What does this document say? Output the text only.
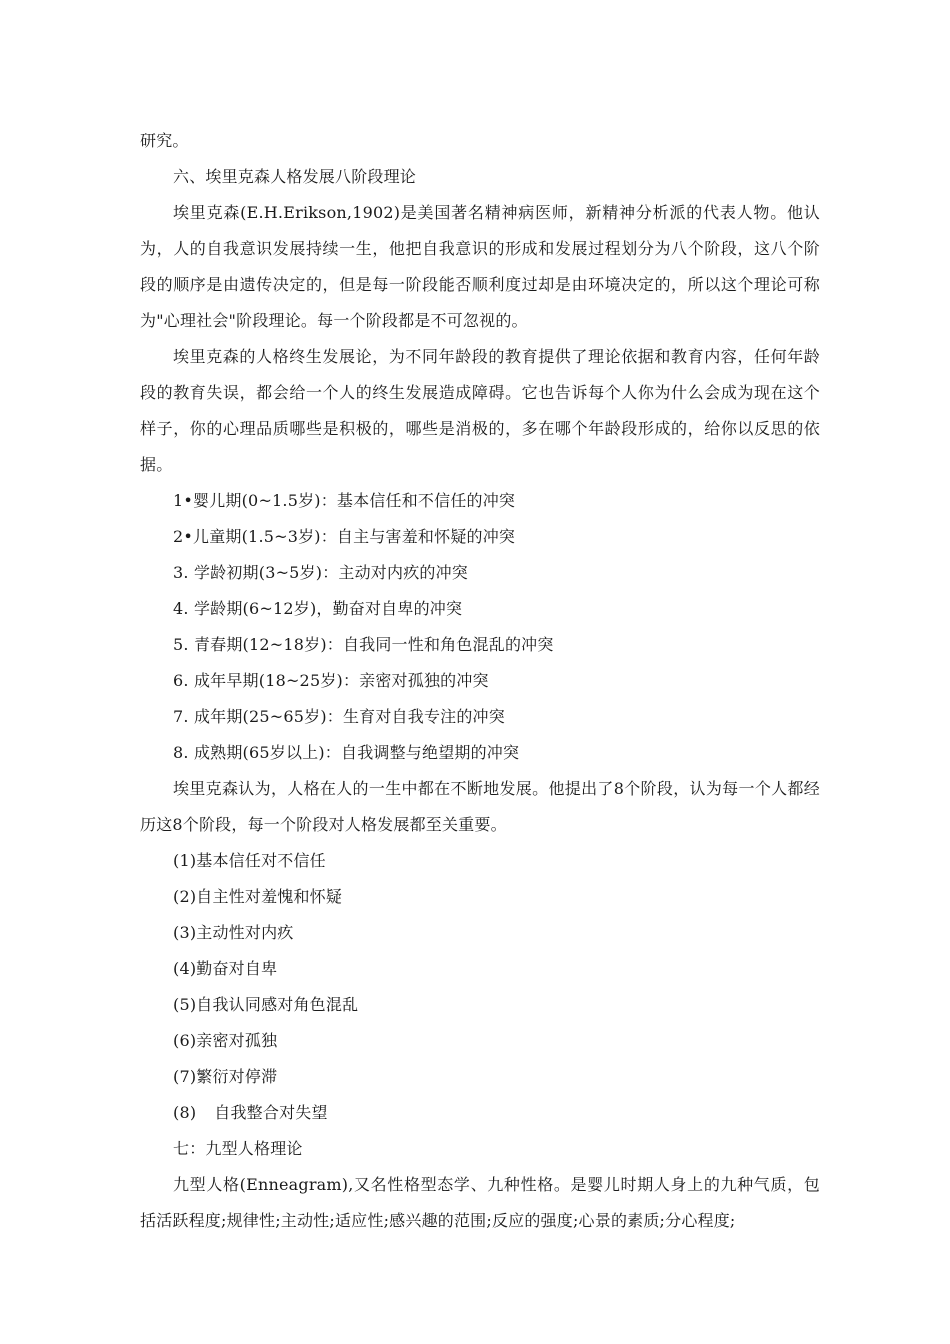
研究。
六、埃里克森人格发展八阶段理论

埃里克森(E.H.Erikson,1902)是美国著名精神病医师，新精神分析派的代表人物。他认为，人的自我意识发展持续一生，他把自我意识的形成和发展过程划分为八个阶段，这八个阶段的顺序是由遗传决定的，但是每一阶段能否顺利度过却是由环境决定的，所以这个理论可称为"心理社会"阶段理论。每一个阶段都是不可忽视的。

埃里克森的人格终生发展论，为不同年龄段的教育提供了理论依据和教育内容，任何年龄段的教育失误，都会给一个人的终生发展造成障碍。它也告诉每个人你为什么会成为现在这个样子，你的心理品质哪些是积极的，哪些是消极的，多在哪个年龄段形成的，给你以反思的依据。

1•婴儿期(0~1.5岁)：基本信任和不信任的冲突
2•儿童期(1.5~3岁)：自主与害羞和怀疑的冲突
3. 学龄初期(3~5岁)：主动对内疚的冲突
4. 学龄期(6~12岁)，勤奋对自卑的冲突
5. 青春期(12~18岁)：自我同一性和角色混乱的冲突
6. 成年早期(18~25岁)：亲密对孤独的冲突
7. 成年期(25~65岁)：生育对自我专注的冲突
8. 成熟期(65岁以上)：自我调整与绝望期的冲突

埃里克森认为，人格在人的一生中都在不断地发展。他提出了8个阶段，认为每一个人都经历这8个阶段，每一个阶段对人格发展都至关重要。

(1)基本信任对不信任
(2)自主性对羞愧和怀疑
(3)主动性对内疚
(4)勤奋对自卑
(5)自我认同感对角色混乱
(6)亲密对孤独
(7)繁衍对停滞
(8) 自我整合对失望
七：九型人格理论

九型人格(Enneagram),又名性格型态学、九种性格。是婴儿时期人身上的九种气质，包括活跃程度;规律性;主动性;适应性;感兴趣的范围;反应的强度;心景的素质;分心程度;
